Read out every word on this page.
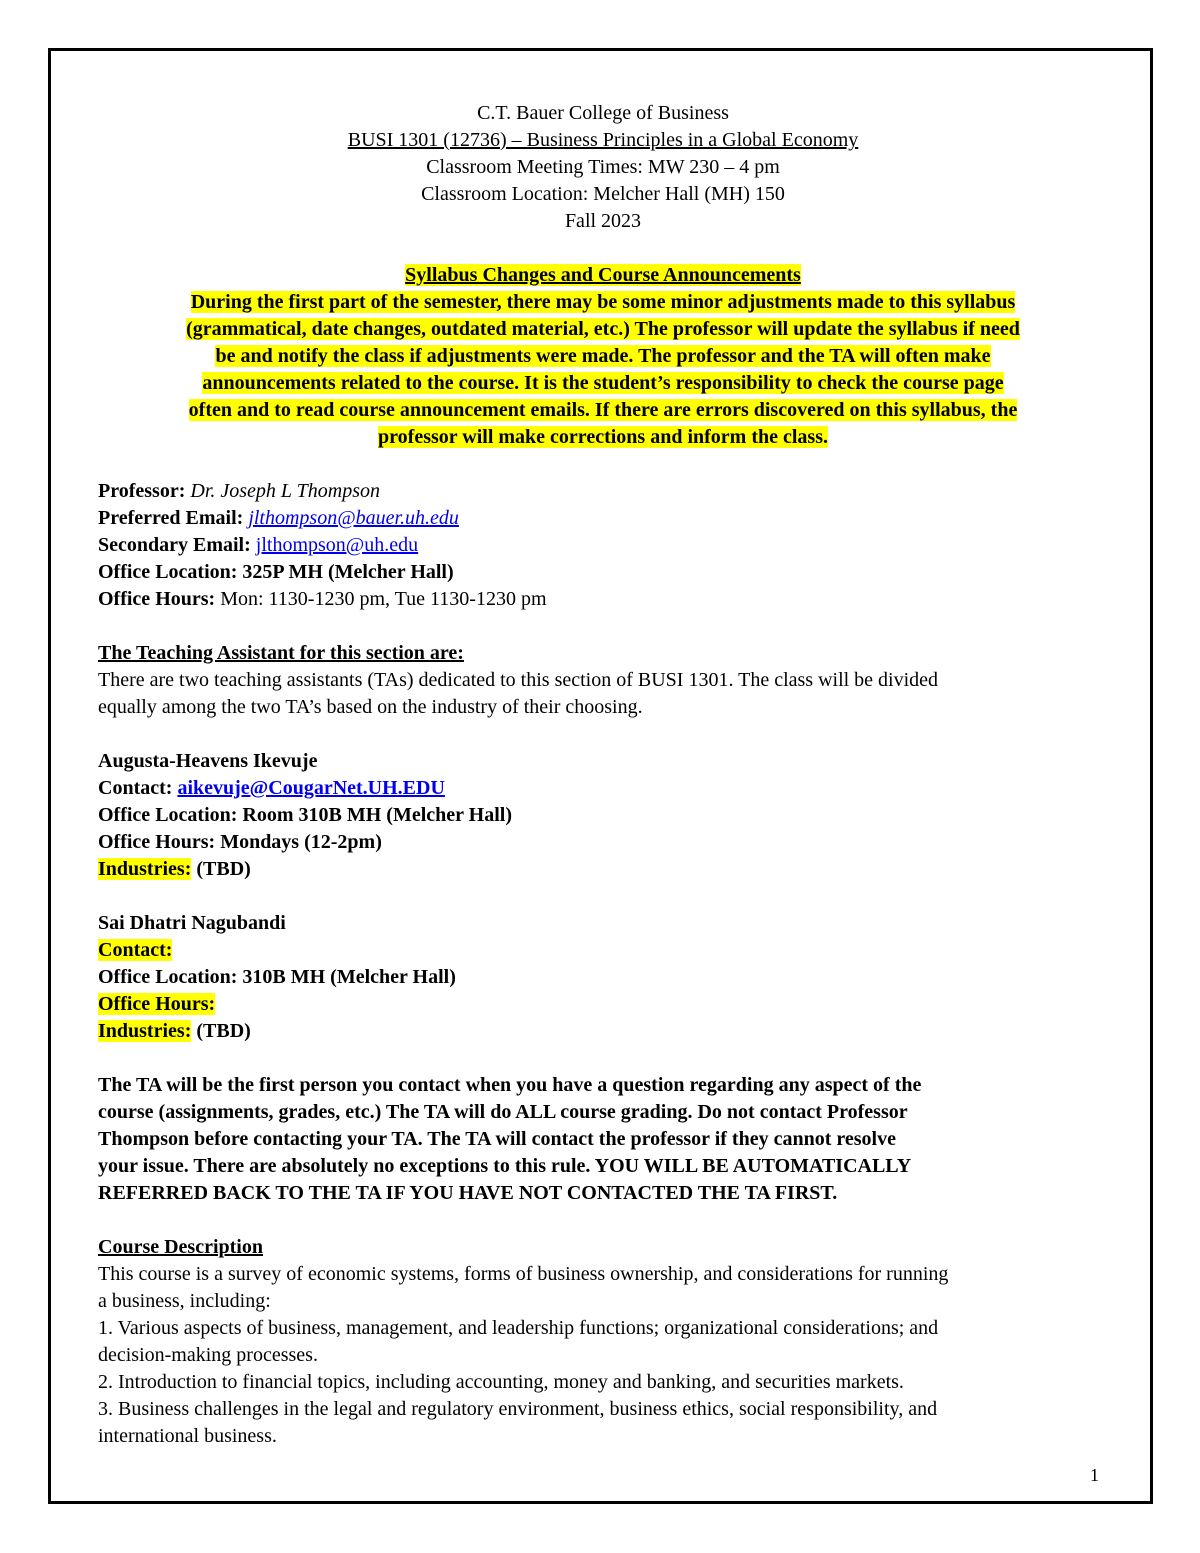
C.T. Bauer College of Business

BUSI 1301 (12736) – Business Principles in a Global Economy

Classroom Meeting Times: MW 230 – 4 pm

Classroom Location: Melcher Hall (MH) 150

Fall 2023

Syllabus Changes and Course Announcements

During the first part of the semester, there may be some minor adjustments made to this syllabus

(grammatical, date changes, outdated material, etc.) The professor will update the syllabus if need

be and notify the class if adjustments were made. The professor and the TA will often make

announcements related to the course. It is the student’s responsibility to check the course page

often and to read course announcement emails. If there are errors discovered on this syllabus, the

professor will make corrections and inform the class.

Professor: Dr. Joseph L Thompson

Preferred Email: jlthompson@bauer.uh.edu

Secondary Email: jlthompson@uh.edu

Office Location: 325P MH (Melcher Hall)

Office Hours: Mon: 1130-1230 pm, Tue 1130-1230 pm

The Teaching Assistant for this section are:

There are two teaching assistants (TAs) dedicated to this section of BUSI 1301. The class will be divided

equally among the two TA’s based on the industry of their choosing.

Augusta-Heavens Ikevuje

Contact: aikevuje@CougarNet.UH.EDU

Office Location: Room 310B MH (Melcher Hall)

Office Hours: Mondays (12-2pm)

Industries: (TBD)

Sai Dhatri Nagubandi

Contact:

Office Location: 310B MH (Melcher Hall)

Office Hours:

Industries: (TBD)

The TA will be the first person you contact when you have a question regarding any aspect of the

course (assignments, grades, etc.) The TA will do ALL course grading. Do not contact Professor

Thompson before contacting your TA. The TA will contact the professor if they cannot resolve

your issue. There are absolutely no exceptions to this rule. YOU WILL BE AUTOMATICALLY

REFERRED BACK TO THE TA IF YOU HAVE NOT CONTACTED THE TA FIRST.

Course Description

This course is a survey of economic systems, forms of business ownership, and considerations for running

a business, including:

1. Various aspects of business, management, and leadership functions; organizational considerations; and

decision-making processes.

2. Introduction to financial topics, including accounting, money and banking, and securities markets.

3. Business challenges in the legal and regulatory environment, business ethics, social responsibility, and

international business.

1
